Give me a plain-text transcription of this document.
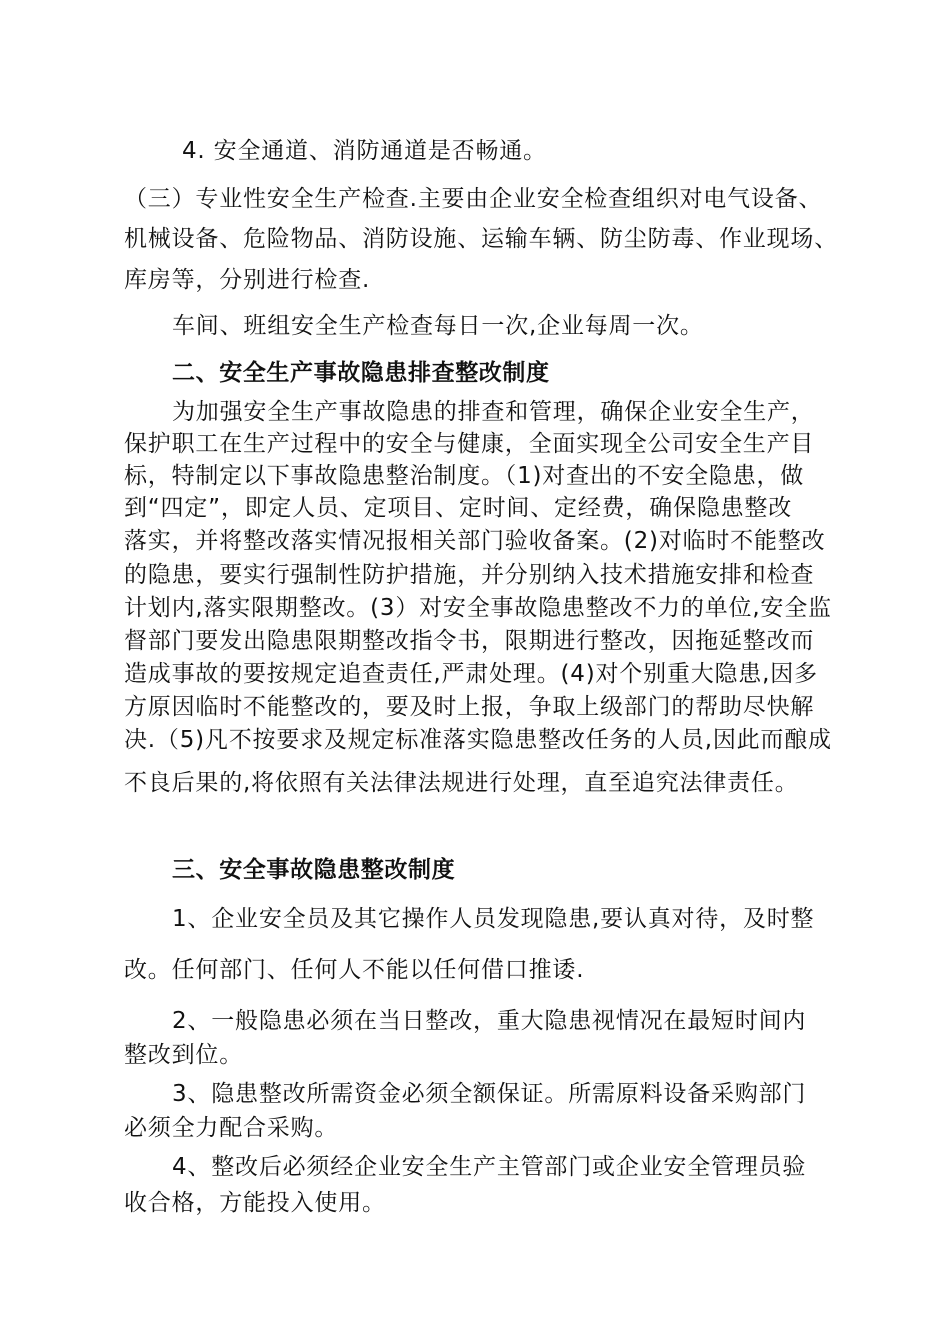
4. 安全通道、消防通道是否畅通。
（三）专业性安全生产检查.主要由企业安全检查组织对电气设备、
机械设备、危险物品、消防设施、运输车辆、防尘防毒、作业现场、
库房等，分别进行检查.
车间、班组安全生产检查每日一次,企业每周一次。
二、安全生产事故隐患排查整改制度
为加强安全生产事故隐患的排查和管理，确保企业安全生产，
保护职工在生产过程中的安全与健康，全面实现全公司安全生产目
标，特制定以下事故隐患整治制度。（1)对查出的不安全隐患，做
到“四定”，即定人员、定项目、定时间、定经费，确保隐患整改
落实，并将整改落实情况报相关部门验收备案。(2)对临时不能整改
的隐患，要实行强制性防护措施，并分别纳入技术措施安排和检查
计划内,落实限期整改。(3）对安全事故隐患整改不力的单位,安全监
督部门要发出隐患限期整改指令书，限期进行整改，因拖延整改而
造成事故的要按规定追查责任,严肃处理。(4)对个别重大隐患,因多
方原因临时不能整改的，要及时上报，争取上级部门的帮助尽快解
决.（5)凡不按要求及规定标准落实隐患整改任务的人员,因此而酿成
不良后果的,将依照有关法律法规进行处理，直至追究法律责任。
三、安全事故隐患整改制度
1、企业安全员及其它操作人员发现隐患,要认真对待，及时整
改。任何部门、任何人不能以任何借口推诿.
2、一般隐患必须在当日整改，重大隐患视情况在最短时间内
整改到位。
3、隐患整改所需资金必须全额保证。所需原料设备采购部门
必须全力配合采购。
4、整改后必须经企业安全生产主管部门或企业安全管理员验
收合格，方能投入使用。
